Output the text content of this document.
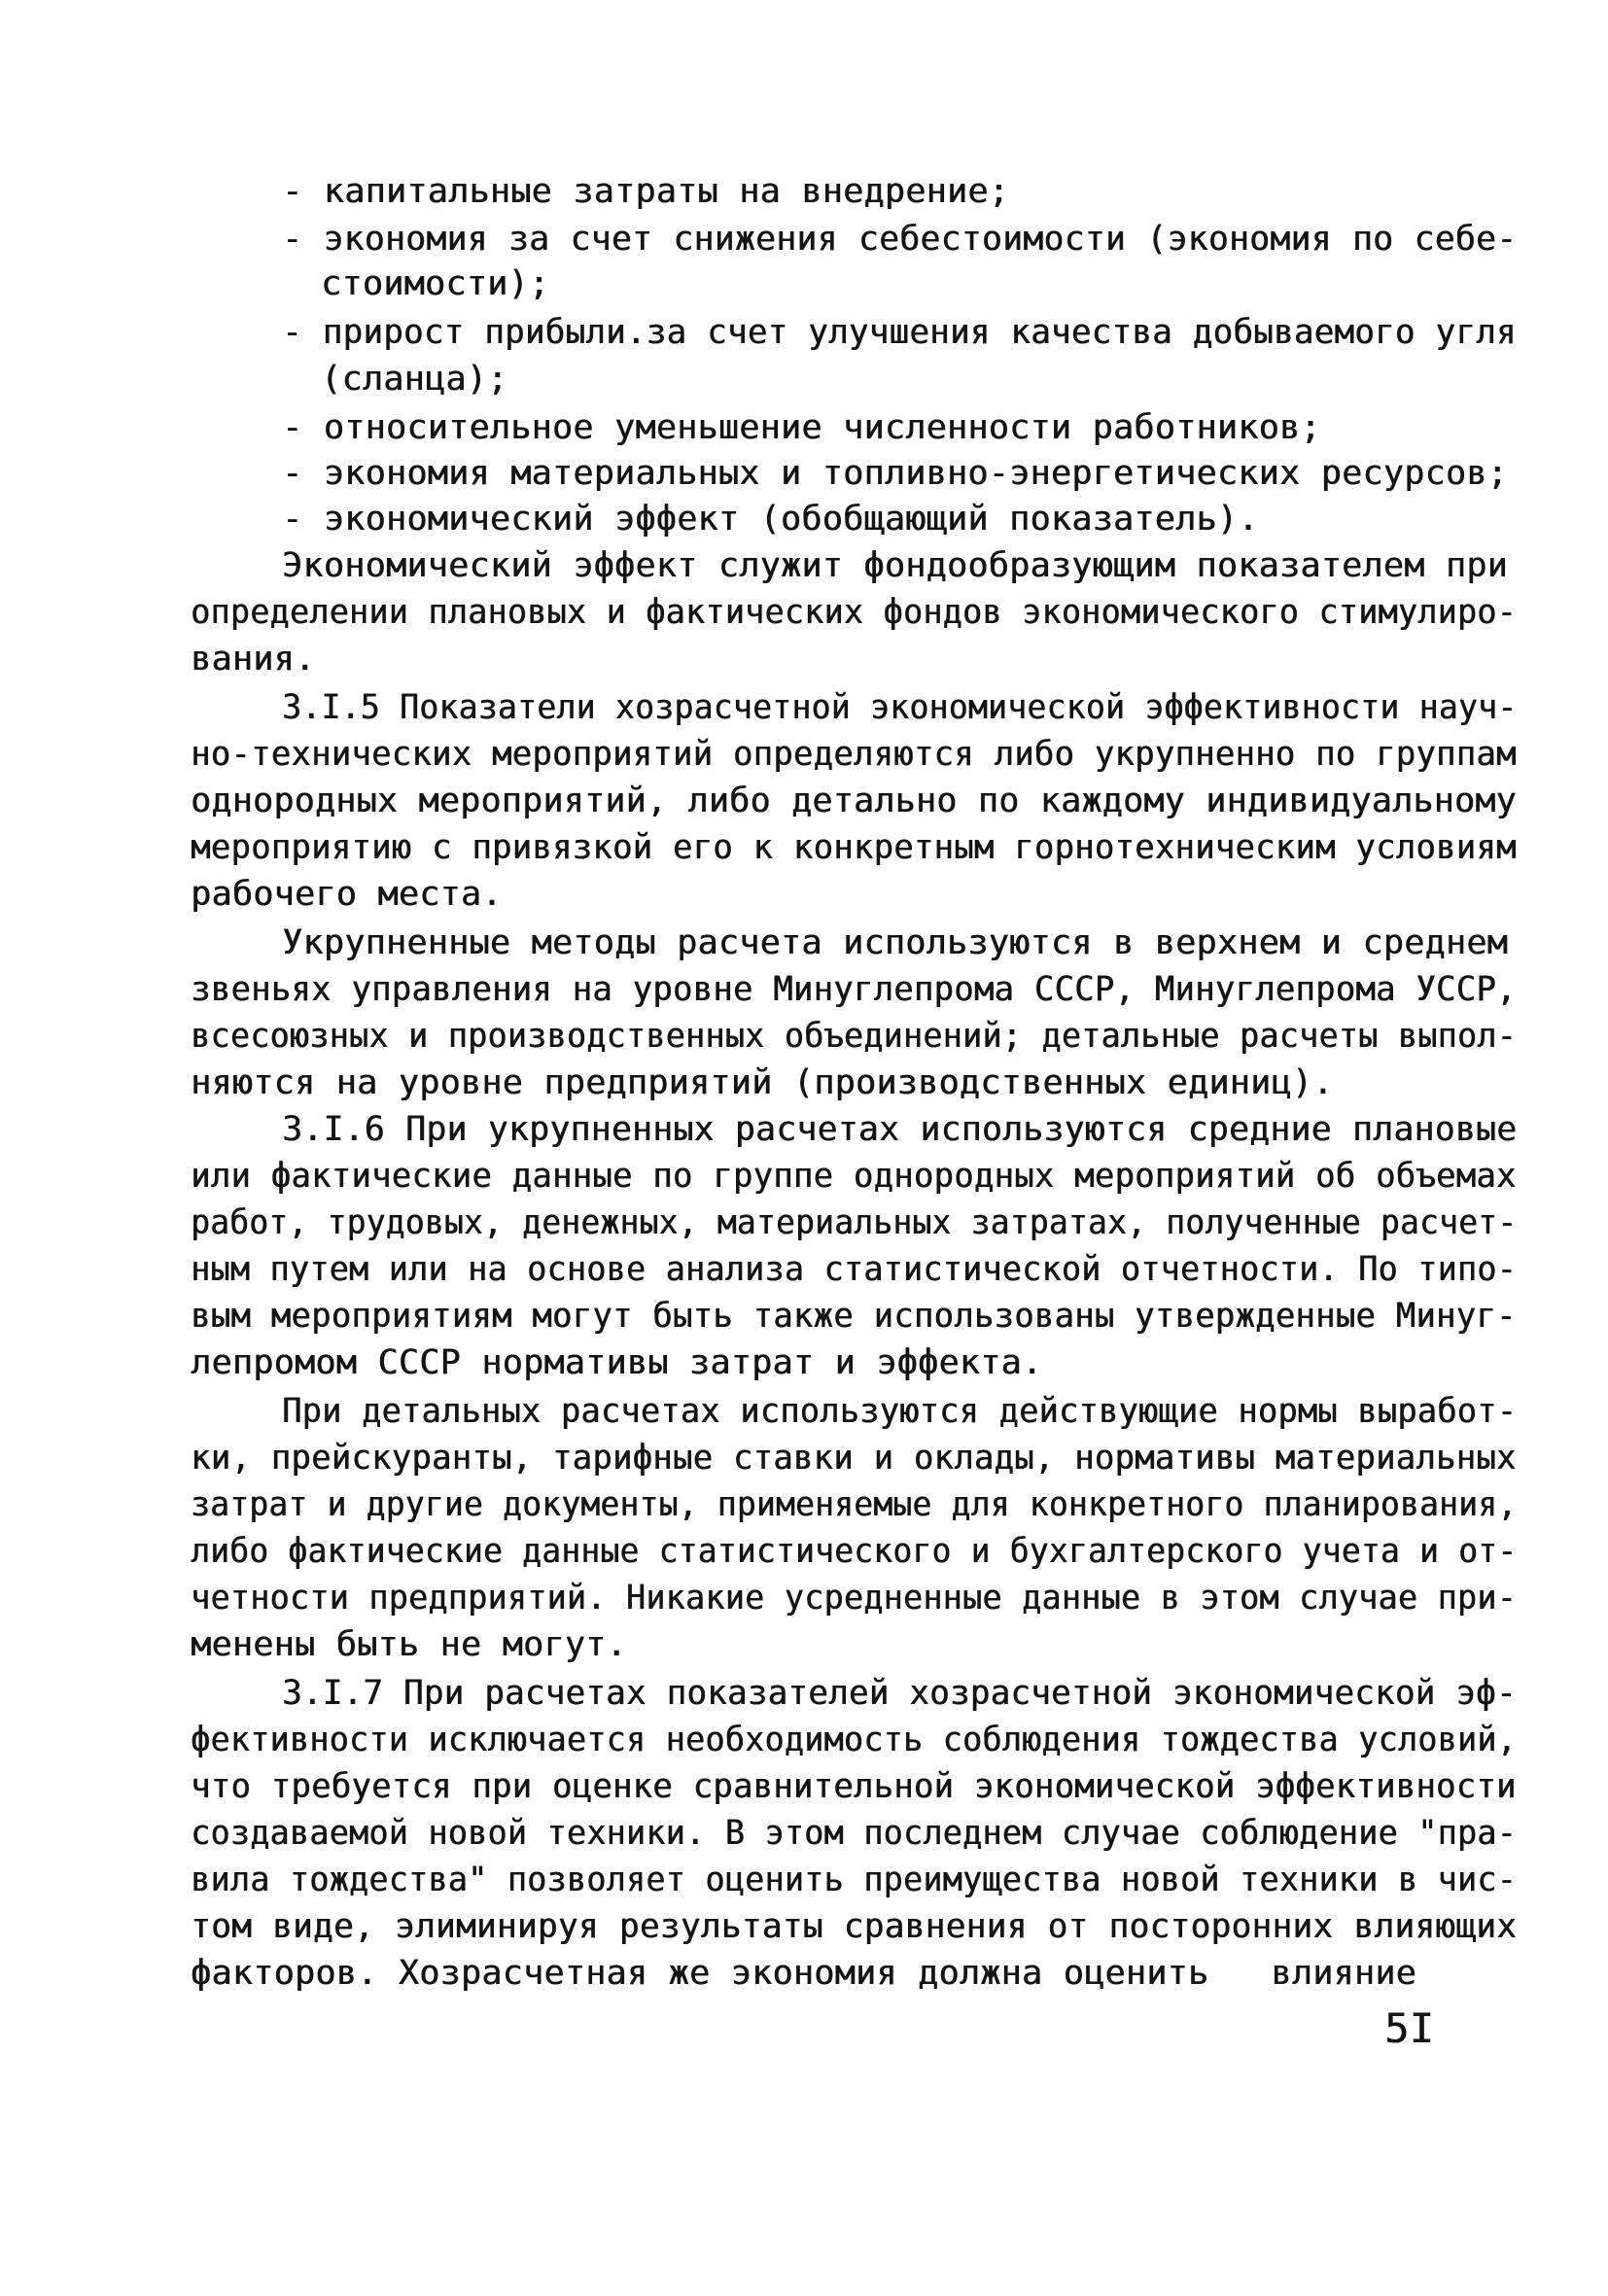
- капитальные затраты на внедрение;
- экономия за счет снижения себестоимости (экономия по себе-
стоимости);
- прирост прибыли.за счет улучшения качества добываемого угля
(сланца);
- относительное уменьшение численности работников;
- экономия материальных и топливно-энергетических ресурсов;
- экономический эффект (обобщающий показатель).
Экономический эффект служит фондообразующим показателем при
определении плановых и фактических фондов экономического стимулиро-
вания.
3.I.5 Показатели хозрасчетной экономической эффективности науч-
но-технических мероприятий определяются либо укрупненно по группам
однородных мероприятий, либо детально по каждому индивидуальному
мероприятию с привязкой его к конкретным горнотехническим условиям
рабочего места.
Укрупненные методы расчета используются в верхнем и среднем
звеньях управления на уровне Минуглепрома СССР, Минуглепрома УССР,
всесоюзных и производственных объединений; детальные расчеты выпол-
няются на уровне предприятий (производственных единиц).
3.I.6 При укрупненных расчетах используются средние плановые
или фактические данные по группе однородных мероприятий об объемах
работ, трудовых, денежных, материальных затратах, полученные расчет-
ным путем или на основе анализа статистической отчетности. По типо-
вым мероприятиям могут быть также использованы утвержденные Минуг-
лепромом СССР нормативы затрат и эффекта.
При детальных расчетах используются действующие нормы выработ-
ки, прейскуранты, тарифные ставки и оклады, нормативы материальных
затрат и другие документы, применяемые для конкретного планирования,
либо фактические данные статистического и бухгалтерского учета и от-
четности предприятий. Никакие усредненные данные в этом случае при-
менены быть не могут.
3.I.7 При расчетах показателей хозрасчетной экономической эф-
фективности исключается необходимость соблюдения тождества условий,
что требуется при оценке сравнительной экономической эффективности
создаваемой новой техники. В этом последнем случае соблюдение "пра-
вила тождества" позволяет оценить преимущества новой техники в чис-
том виде, элиминируя результаты сравнения от посторонних влияющих
факторов. Хозрасчетная же экономия должна оценить   влияние
5I
